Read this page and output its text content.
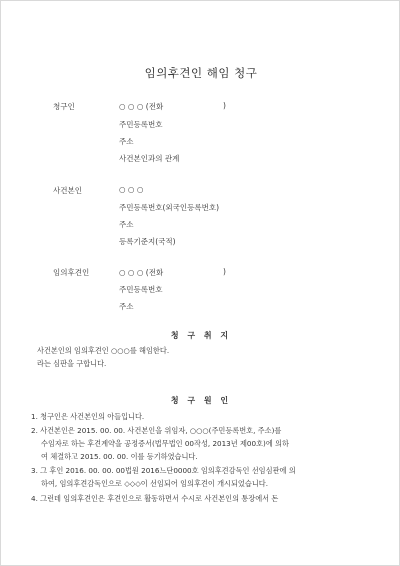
임의후견인 해임 청구
청구인	○ ○ ○ (전화	)
주민등록번호
주소
사건본인과의 관계
사건본인	○ ○ ○
주민등록번호(외국인등록번호)
주소
등록기준지(국적)
임의후견인	○ ○ ○ (전화	)
주민등록번호
주소
청 구 취 지
사건본인의 임의후견인 ○○○를 해임한다.
라는 심판을 구합니다.
청 구 원 인
1. 청구인은 사건본인의 아들입니다.
2. 사건본인은 2015. 00. 00. 사건본인을 위임자, ○○○(주민등록번호, 주소)를
수임자로 하는 후견계약을 공정증서(법무법인 00작성, 2013년 제00호)에 의하
여 체결하고 2015. 00. 00. 이를 등기하였습니다.
3. 그 후인 2016. 00. 00. 00법원 2016느단0000호 임의후견감독인 선임심판에 의
하여, 임의후견감독인으로 ◇◇◇이 선임되어 임의후견이 개시되었습니다.
4. 그런데 임의후견인은 후견인으로 활동하면서 수시로 사건본인의 통장에서 돈
